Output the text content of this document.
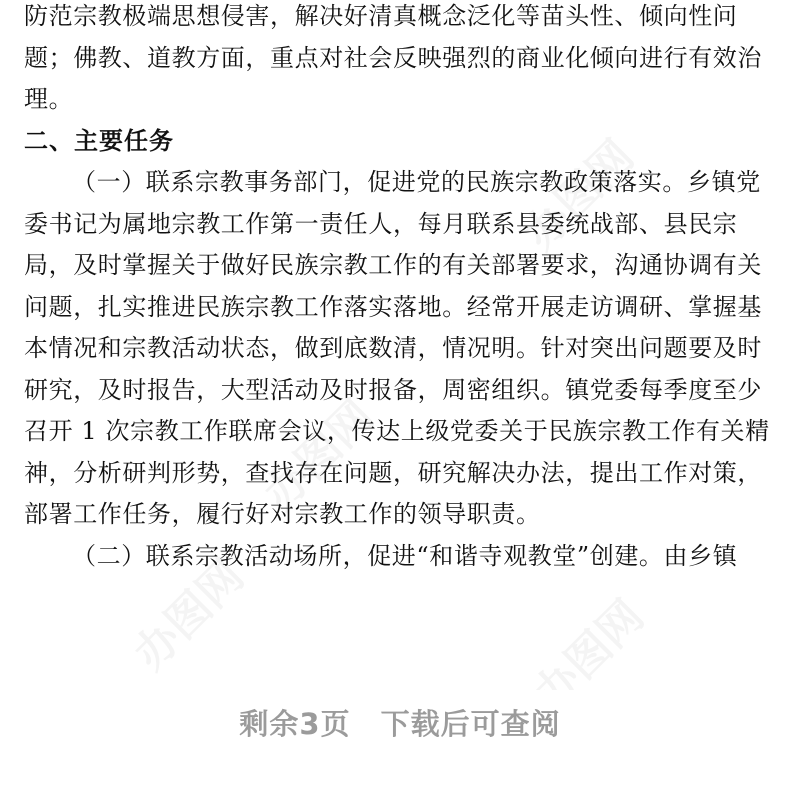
防范宗教极端思想侵害，解决好清真概念泛化等苗头性、倾向性问
题；佛教、道教方面，重点对社会反映强烈的商业化倾向进行有效治
理。
二、主要任务
（一）联系宗教事务部门，促进党的民族宗教政策落实。乡镇党
委书记为属地宗教工作第一责任人，每月联系县委统战部、县民宗
局，及时掌握关于做好民族宗教工作的有关部署要求，沟通协调有关
问题，扎实推进民族宗教工作落实落地。经常开展走访调研、掌握基
本情况和宗教活动状态，做到底数清，情况明。针对突出问题要及时
研究，及时报告，大型活动及时报备，周密组织。镇党委每季度至少
召开 1 次宗教工作联席会议，传达上级党委关于民族宗教工作有关精
神，分析研判形势，查找存在问题，研究解决办法，提出工作对策，
部署工作任务，履行好对宗教工作的领导职责。
（二）联系宗教活动场所，促进“和谐寺观教堂”创建。由乡镇
剩余3页 下载后可查阅
